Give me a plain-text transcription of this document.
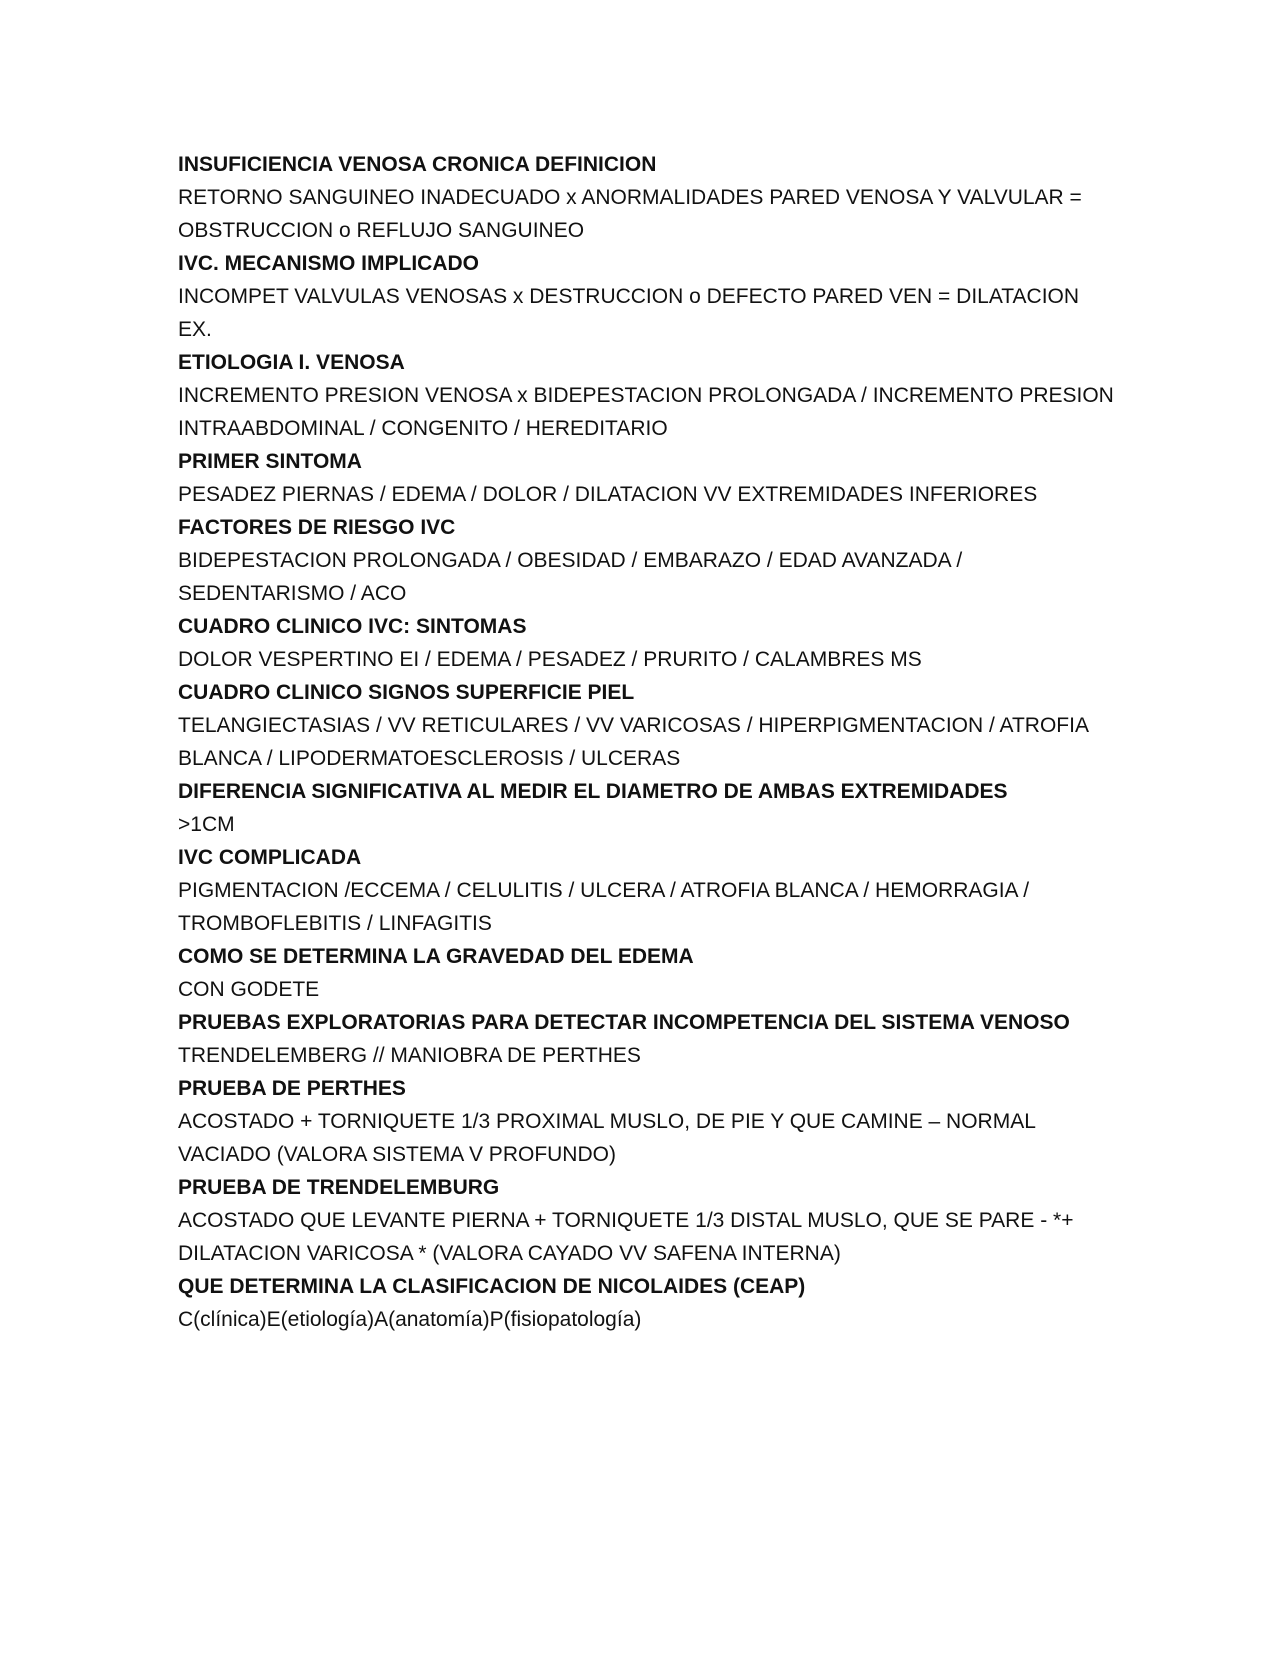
INSUFICIENCIA VENOSA CRONICA DEFINICION
RETORNO SANGUINEO INADECUADO x ANORMALIDADES PARED VENOSA Y VALVULAR = OBSTRUCCION o REFLUJO SANGUINEO
IVC. MECANISMO IMPLICADO
INCOMPET VALVULAS VENOSAS x DESTRUCCION o DEFECTO PARED VEN = DILATACION EX.
ETIOLOGIA I. VENOSA
INCREMENTO PRESION VENOSA x BIDEPESTACION PROLONGADA / INCREMENTO PRESION INTRAABDOMINAL / CONGENITO / HEREDITARIO
PRIMER SINTOMA
PESADEZ PIERNAS / EDEMA / DOLOR / DILATACION VV EXTREMIDADES INFERIORES
FACTORES DE RIESGO IVC
BIDEPESTACION PROLONGADA / OBESIDAD / EMBARAZO / EDAD AVANZADA / SEDENTARISMO / ACO
CUADRO CLINICO IVC: SINTOMAS
DOLOR VESPERTINO EI / EDEMA / PESADEZ / PRURITO / CALAMBRES MS
CUADRO CLINICO SIGNOS SUPERFICIE PIEL
TELANGIECTASIAS / VV RETICULARES / VV VARICOSAS / HIPERPIGMENTACION / ATROFIA BLANCA / LIPODERMATOESCLEROSIS / ULCERAS
DIFERENCIA SIGNIFICATIVA AL MEDIR EL DIAMETRO DE AMBAS EXTREMIDADES
>1CM
IVC COMPLICADA
PIGMENTACION /ECCEMA / CELULITIS / ULCERA / ATROFIA BLANCA / HEMORRAGIA / TROMBOFLEBITIS / LINFAGITIS
COMO SE DETERMINA LA GRAVEDAD DEL EDEMA
CON GODETE
PRUEBAS EXPLORATORIAS PARA DETECTAR INCOMPETENCIA DEL SISTEMA VENOSO
TRENDELEMBERG // MANIOBRA DE PERTHES
PRUEBA DE PERTHES
ACOSTADO + TORNIQUETE 1/3 PROXIMAL MUSLO, DE PIE Y QUE CAMINE – NORMAL VACIADO (VALORA SISTEMA V PROFUNDO)
PRUEBA DE TRENDELEMBURG
ACOSTADO QUE LEVANTE PIERNA + TORNIQUETE 1/3 DISTAL MUSLO, QUE SE PARE - *+ DILATACION VARICOSA * (VALORA CAYADO VV SAFENA INTERNA)
QUE DETERMINA LA CLASIFICACION DE NICOLAIDES (CEAP)
C(clínica)E(etiología)A(anatomía)P(fisiopatología)
